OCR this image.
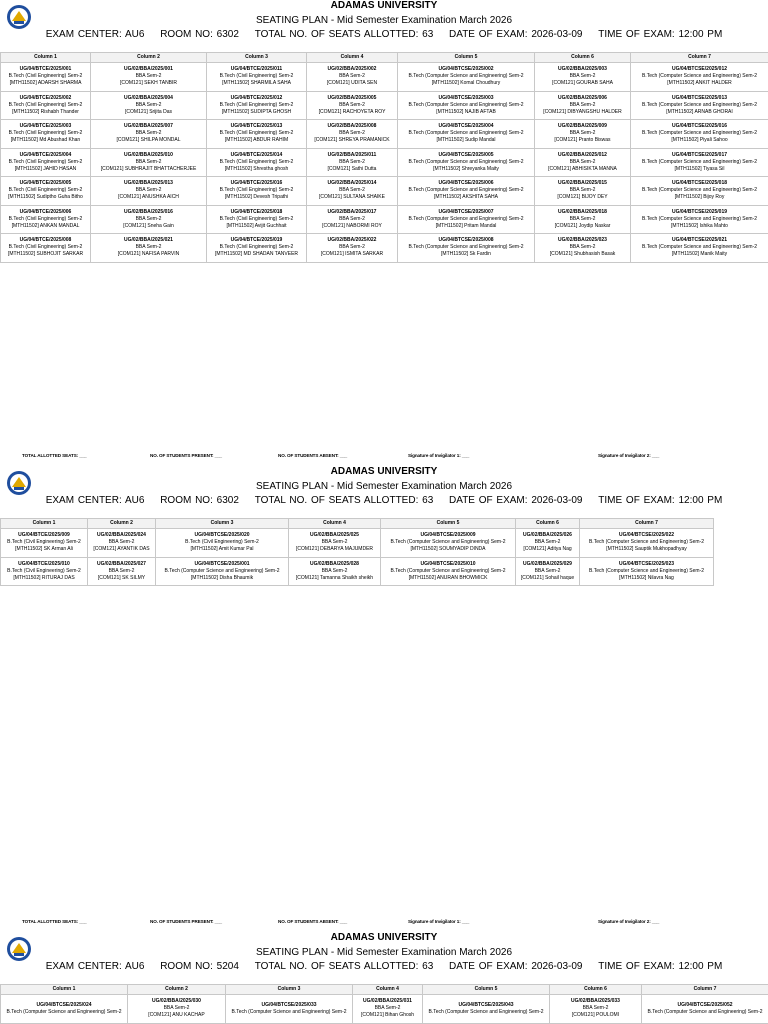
ADAMAS UNIVERSITY
SEATING PLAN - Mid Semester Examination March 2026
EXAM CENTER: AU6 ROOM NO: 6302 TOTAL NO. OF SEATS ALLOTTED: 63 DATE OF EXAM: 2026-03-09 TIME OF EXAM: 12:00 PM
Column 1	Column 2	Column 3	Column 4	Column 5	Column 6	Column 7

UG/04/BTCE/2025/001
B.Tech (Civil Engineering) Sem-2
[MTH11502] ADARSH SHARMA	UG/02/BBA/2025/001
BBA Sem-2
[COM121] SEKH TANBIR	UG/04/BTCE/2025/011
B.Tech (Civil Engineering) Sem-2
[MTH11502] SHARMILA SAHA	UG/02/BBA/2025/002
BBA Sem-2
[COM121] UDITA SEN	UG/04/BTCSE/2025/002
B.Tech (Computer Science and Engineering) Sem-2
[MTH11502] Komal Choudhury	UG/02/BBA/2025/003
BBA Sem-2
[COM121] GOURAB SAHA	UG/04/BTCSE/2025/012
B.Tech (Computer Science and Engineering) Sem-2
[MTH11502] ANKIT HALDER

UG/04/BTCE/2025/002
B.Tech (Civil Engineering) Sem-2
[MTH11502] Rishabh Thander	UG/02/BBA/2025/004
BBA Sem-2
[COM121] Srijita Das	UG/04/BTCE/2025/012
B.Tech (Civil Engineering) Sem-2
[MTH11502] SUDIPTA GHOSH	UG/02/BBA/2025/005
BBA Sem-2
[COM121] RACHOYETA ROY	UG/04/BTCSE/2025/003
B.Tech (Computer Science and Engineering) Sem-2
[MTH11502] NAJIB AFTAB	UG/02/BBA/2025/006
BBA Sem-2
[COM121] DIBYANGSHU HALDER	UG/04/BTCSE/2025/013
B.Tech (Computer Science and Engineering) Sem-2
[MTH11502] ARNAB GHORAI

UG/04/BTCE/2025/003
B.Tech (Civil Engineering) Sem-2
[MTH11502] Md Abushad Khan	UG/02/BBA/2025/007
BBA Sem-2
[COM121] SHILPA MONDAL	UG/04/BTCE/2025/013
B.Tech (Civil Engineering) Sem-2
[MTH11502] ABDUR RAHIM	UG/02/BBA/2025/008
BBA Sem-2
[COM121] SHREYA PRAMANICK	UG/04/BTCSE/2025/004
B.Tech (Computer Science and Engineering) Sem-2
[MTH11502] Sudip Mandal	UG/02/BBA/2025/009
BBA Sem-2
[COM121] Pranto Biswas	UG/04/BTCSE/2025/016
B.Tech (Computer Science and Engineering) Sem-2
[MTH11502] Piyali Sahoo

UG/04/BTCE/2025/004
B.Tech (Civil Engineering) Sem-2
[MTH11502] JAHID HASAN	UG/02/BBA/2025/010
BBA Sem-2
[COM121] SUBHRAJIT BHATTACHERJEE	UG/04/BTCE/2025/014
B.Tech (Civil Engineering) Sem-2
[MTH11502] Shrestha ghosh	UG/02/BBA/2025/011
BBA Sem-2
[COM121] Sathi Dutta	UG/04/BTCSE/2025/005
B.Tech (Computer Science and Engineering) Sem-2
[MTH11502] Shreyanka Maity	UG/02/BBA/2025/012
BBA Sem-2
[COM121] ABHISIKTA MANNA	UG/04/BTCSE/2025/017
B.Tech (Computer Science and Engineering) Sem-2
[MTH11502] Tiyasa Sil

UG/04/BTCE/2025/005
B.Tech (Civil Engineering) Sem-2
[MTH11502] Sudiptho Guha Bitho	UG/02/BBA/2025/013
BBA Sem-2
[COM121] ANUSHKA AICH	UG/04/BTCE/2025/016
B.Tech (Civil Engineering) Sem-2
[MTH11502] Devesh Tripathi	UG/02/BBA/2025/014
BBA Sem-2
[COM121] SULTANA SHAIKE	UG/04/BTCSE/2025/006
B.Tech (Computer Science and Engineering) Sem-2
[MTH11502] AKSHITA SAHA	UG/02/BBA/2025/015
BBA Sem-2
[COM121] BIJOY DEY	UG/04/BTCSE/2025/018
B.Tech (Computer Science and Engineering) Sem-2
[MTH11502] Bijoy Roy

UG/04/BTCE/2025/006
B.Tech (Civil Engineering) Sem-2
[MTH11502] ANKAN MANDAL	UG/02/BBA/2025/016
BBA Sem-2
[COM121] Sneha Gain	UG/04/BTCE/2025/018
B.Tech (Civil Engineering) Sem-2
[MTH11502] Avijit Guchhait	UG/02/BBA/2025/017
BBA Sem-2
[COM121] NABORMI ROY	UG/04/BTCSE/2025/007
B.Tech (Computer Science and Engineering) Sem-2
[MTH11502] Pritam Mandal	UG/02/BBA/2025/018
BBA Sem-2
[COM121] Joydip Naskar	UG/04/BTCSE/2025/019
B.Tech (Computer Science and Engineering) Sem-2
[MTH11502] Ishika Mahto

UG/04/BTCE/2025/008
B.Tech (Civil Engineering) Sem-2
[MTH11502] SUBHOJIT SARKAR	UG/02/BBA/2025/021
BBA Sem-2
[COM121] NAFISA PARVIN	UG/04/BTCE/2025/019
B.Tech (Civil Engineering) Sem-2
[MTH11502] MD SHADAN TANVEER	UG/02/BBA/2025/022
BBA Sem-2
[COM121] ISMITA SARKAR	UG/04/BTCSE/2025/008
B.Tech (Computer Science and Engineering) Sem-2
[MTH11502] Sk Fardin	UG/02/BBA/2025/023
BBA Sem-2
[COM121] Shubhasish Basak	UG/04/BTCSE/2025/021
B.Tech (Computer Science and Engineering) Sem-2
[MTH11502] Manik Maity
TOTAL ALLOTTED SEATS: ___	NO. OF STUDENTS PRESENT: ___	NO. OF STUDENTS ABSENT: ___	Signature of Invigilator 1: ___	Signature of Invigilator 2: ___
ADAMAS UNIVERSITY
SEATING PLAN - Mid Semester Examination March 2026
EXAM CENTER: AU6 ROOM NO: 6302 TOTAL NO. OF SEATS ALLOTTED: 63 DATE OF EXAM: 2026-03-09 TIME OF EXAM: 12:00 PM
Column 1	Column 2	Column 3	Column 4	Column 5	Column 6	Column 7

UG/04/BTCE/2025/009
B.Tech (Civil Engineering) Sem-2
[MTH11502] SK Arman Ali	UG/02/BBA/2025/024
BBA Sem-2
[COM121] AYANTIK DAS	UG/04/BTCSE/2025/020
B.Tech (Civil Engineering) Sem-2
[MTH11502] Amit Kumar Pal	UG/02/BBA/2025/025
BBA Sem-2
[COM121] DEBARYA MAJUMDER	UG/04/BTCSE/2025/009
B.Tech (Computer Science and Engineering) Sem-2
[MTH11502] SOUMYADIP DINDA	UG/02/BBA/2025/026
BBA Sem-2
[COM121] Aditya Nag	UG/04/BTCSE/2025/022
B.Tech (Computer Science and Engineering) Sem-2
[MTH11502] Sauptik Mukhopadhyay

UG/04/BTCE/2025/010
B.Tech (Civil Engineering) Sem-2
[MTH11502] RITURAJ DAS	UG/02/BBA/2025/027
BBA Sem-2
[COM121] SK SILMY	UG/04/BTCSE/2025/001
B.Tech (Computer Science and Engineering) Sem-2
[MTH11502] Disha Bhaumik	UG/02/BBA/2025/028
BBA Sem-2
[COM121] Tamanna Shaikh sheikh	UG/04/BTCSE/2025/010
B.Tech (Computer Science and Engineering) Sem-2
[MTH11502] ANURAN BHOWMICK	UG/02/BBA/2025/029
BBA Sem-2
[COM121] Sohail haque	UG/04/BTCSE/2025/023
B.Tech (Computer Science and Engineering) Sem-2
[MTH11502] Nilavra Nag
TOTAL ALLOTTED SEATS: ___	NO. OF STUDENTS PRESENT: ___	NO. OF STUDENTS ABSENT: ___	Signature of Invigilator 1: ___	Signature of Invigilator 2: ___
ADAMAS UNIVERSITY
SEATING PLAN - Mid Semester Examination March 2026
EXAM CENTER: AU6 ROOM NO: 5204 TOTAL NO. OF SEATS ALLOTTED: 63 DATE OF EXAM: 2026-03-09 TIME OF EXAM: 12:00 PM
Column 1	Column 2	Column 3	Column 4	Column 5	Column 6	Column 7

UG/04/BTCSE/2025/024
B.Tech (Computer Science and Engineering) Sem-2	UG/02/BBA/2025/030
BBA Sem-2
[COM121] ANU KACHAP	UG/04/BTCSE/2025/033
B.Tech (Computer Science and Engineering) Sem-2	UG/02/BBA/2025/031
BBA Sem-2
[COM121] Bihan Ghosh	UG/04/BTCSE/2025/043
B.Tech (Computer Science and Engineering) Sem-2	UG/02/BBA/2025/033
BBA Sem-2
[COM121] POULOMI	UG/04/BTCSE/2025/052
B.Tech (Computer Science and Engineering) Sem-2
